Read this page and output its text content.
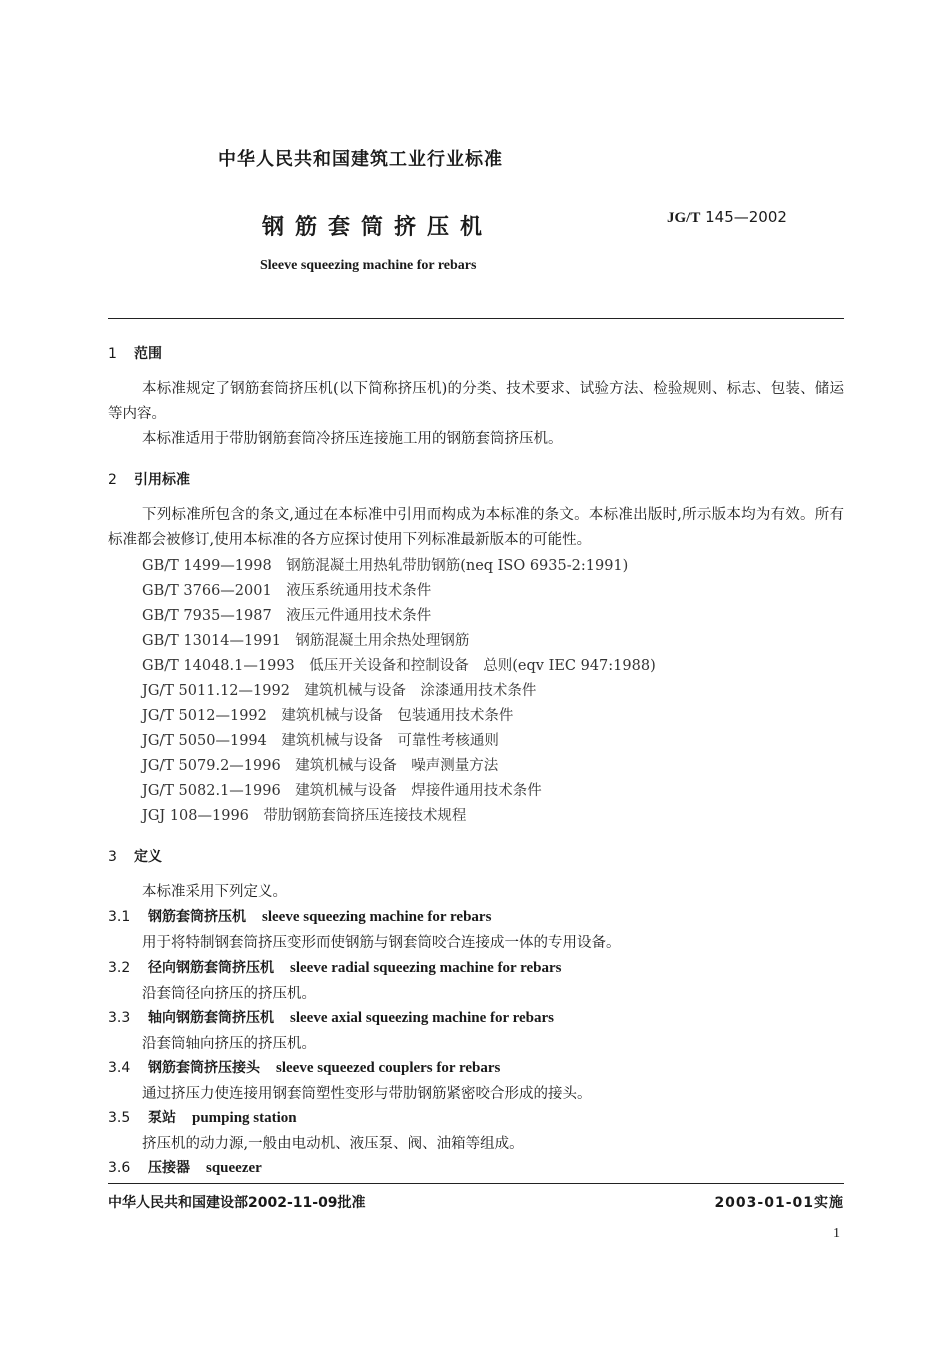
中华人民共和国建筑工业行业标准
钢筋套筒挤压机	JG/T 145—2002
Sleeve squeezing machine for rebars
1 范围
本标准规定了钢筋套筒挤压机(以下简称挤压机)的分类、技术要求、试验方法、检验规则、标志、包装、储运等内容。
本标准适用于带肋钢筋套筒冷挤压连接施工用的钢筋套筒挤压机。
2 引用标准
下列标准所包含的条文,通过在本标准中引用而构成为本标准的条文。本标准出版时,所示版本均为有效。所有标准都会被修订,使用本标准的各方应探讨使用下列标准最新版本的可能性。
GB/T 1499—1998　钢筋混凝土用热轧带肋钢筋(neq ISO 6935-2:1991)
GB/T 3766—2001　液压系统通用技术条件
GB/T 7935—1987　液压元件通用技术条件
GB/T 13014—1991　钢筋混凝土用余热处理钢筋
GB/T 14048.1—1993　低压开关设备和控制设备　总则(eqv IEC 947:1988)
JG/T 5011.12—1992　建筑机械与设备　涂漆通用技术条件
JG/T 5012—1992　建筑机械与设备　包装通用技术条件
JG/T 5050—1994　建筑机械与设备　可靠性考核通则
JG/T 5079.2—1996　建筑机械与设备　噪声测量方法
JG/T 5082.1—1996　建筑机械与设备　焊接件通用技术条件
JGJ 108—1996　带肋钢筋套筒挤压连接技术规程
3 定义
本标准采用下列定义。
3.1 钢筋套筒挤压机 sleeve squeezing machine for rebars
用于将特制钢套筒挤压变形而使钢筋与钢套筒咬合连接成一体的专用设备。
3.2 径向钢筋套筒挤压机 sleeve radial squeezing machine for rebars
沿套筒径向挤压的挤压机。
3.3 轴向钢筋套筒挤压机 sleeve axial squeezing machine for rebars
沿套筒轴向挤压的挤压机。
3.4 钢筋套筒挤压接头 sleeve squeezed couplers for rebars
通过挤压力使连接用钢套筒塑性变形与带肋钢筋紧密咬合形成的接头。
3.5 泵站 pumping station
挤压机的动力源,一般由电动机、液压泵、阀、油箱等组成。
3.6 压接器 squeezer
中华人民共和国建设部2002-11-09批准	2003-01-01实施
1
